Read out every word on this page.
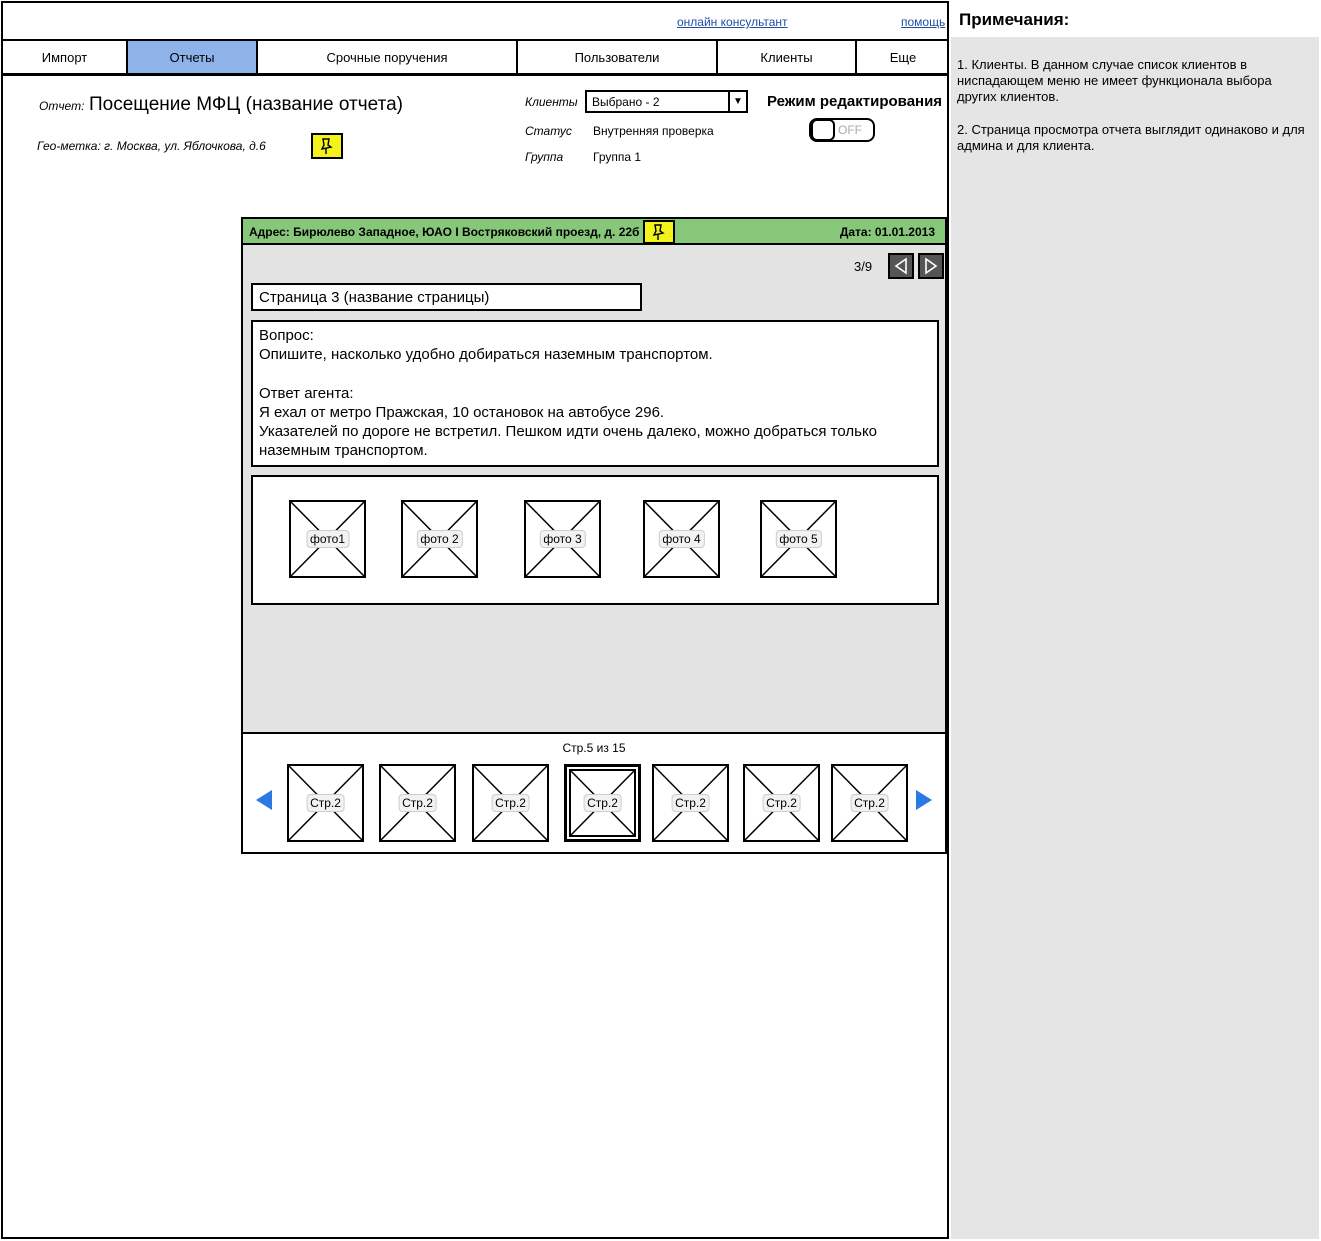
онлайн консультант	помощь
Импорт	Отчеты	Срочные поручения	Пользователи	Клиенты	Еще
Отчет: Посещение МФЦ (название отчета)
Гео-метка: г. Москва, ул. Яблочкова, д.6
Клиенты	Выбрано - 2	▼ Режим редактирования
OFF
Статус Внутренняя проверка
Группа Группа 1
Адрес: Бирюлево Западное, ЮАО I Востряковский проезд, д. 22б	Дата: 01.01.2013
3/9
Страница 3 (название страницы)
Вопрос:
Опишите, насколько удобно добираться наземным транспортом.
Ответ агента:
Я ехал от метро Пражская, 10 остановок на автобусе 296.
Указателей по дороге не встретил. Пешком идти очень далеко, можно добраться только
наземным транспортом.
фото1	фото 2	фото 3	фото 4	фото 5
Стр.5 из 15
Стр.2	Стр.2	Стр.2	Стр.2	Стр.2	Стр.2	Стр.2
Примечания:

1. Клиенты. В данном случае список клиентов в ниспадающем меню не имеет функционала выбора других клиентов.

2. Страница просмотра отчета выглядит одинаково и для админа и для клиента.
